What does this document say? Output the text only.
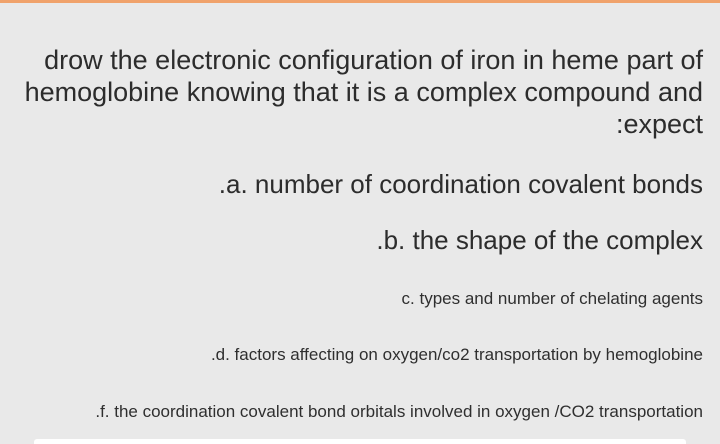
drow the electronic configuration of iron in heme part of

hemoglobine knowing that it is a complex compound and

:expect

.a. number of coordination covalent bonds

.b. the shape of the complex

c. types and number of chelating agents

.d. factors affecting on oxygen/co2 transportation by hemoglobine

.f. the coordination covalent bond orbitals involved in oxygen /CO2 transportation
